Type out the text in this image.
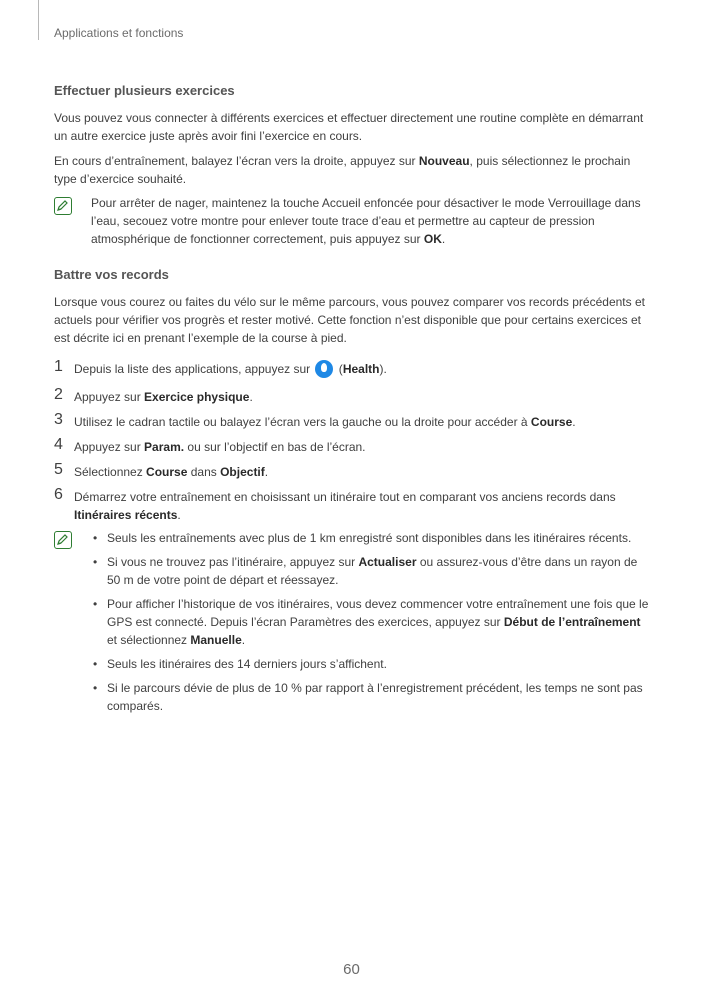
Applications et fonctions
Effectuer plusieurs exercices
Vous pouvez vous connecter à différents exercices et effectuer directement une routine complète en démarrant un autre exercice juste après avoir fini l’exercice en cours.
En cours d’entraînement, balayez l’écran vers la droite, appuyez sur Nouveau, puis sélectionnez le prochain type d’exercice souhaité.
Pour arrêter de nager, maintenez la touche Accueil enfoncée pour désactiver le mode Verrouillage dans l’eau, secouez votre montre pour enlever toute trace d’eau et permettre au capteur de pression atmosphérique de fonctionner correctement, puis appuyez sur OK.
Battre vos records
Lorsque vous courez ou faites du vélo sur le même parcours, vous pouvez comparer vos records précédents et actuels pour vérifier vos progrès et rester motivé. Cette fonction n’est disponible que pour certains exercices et est décrite ici en prenant l’exemple de la course à pied.
1 Depuis la liste des applications, appuyez sur  (Health).
2 Appuyez sur Exercice physique.
3 Utilisez le cadran tactile ou balayez l’écran vers la gauche ou la droite pour accéder à Course.
4 Appuyez sur Param. ou sur l’objectif en bas de l’écran.
5 Sélectionnez Course dans Objectif.
6 Démarrez votre entraînement en choisissant un itinéraire tout en comparant vos anciens records dans Itinéraires récents.
• Seuls les entraînements avec plus de 1 km enregistré sont disponibles dans les itinéraires récents.
• Si vous ne trouvez pas l’itinéraire, appuyez sur Actualiser ou assurez-vous d’être dans un rayon de 50 m de votre point de départ et réessayez.
• Pour afficher l’historique de vos itinéraires, vous devez commencer votre entraînement une fois que le GPS est connecté. Depuis l’écran Paramètres des exercices, appuyez sur Début de l’entraînement et sélectionnez Manuelle.
• Seuls les itinéraires des 14 derniers jours s’affichent.
• Si le parcours dévie de plus de 10 % par rapport à l’enregistrement précédent, les temps ne sont pas comparés.
60
